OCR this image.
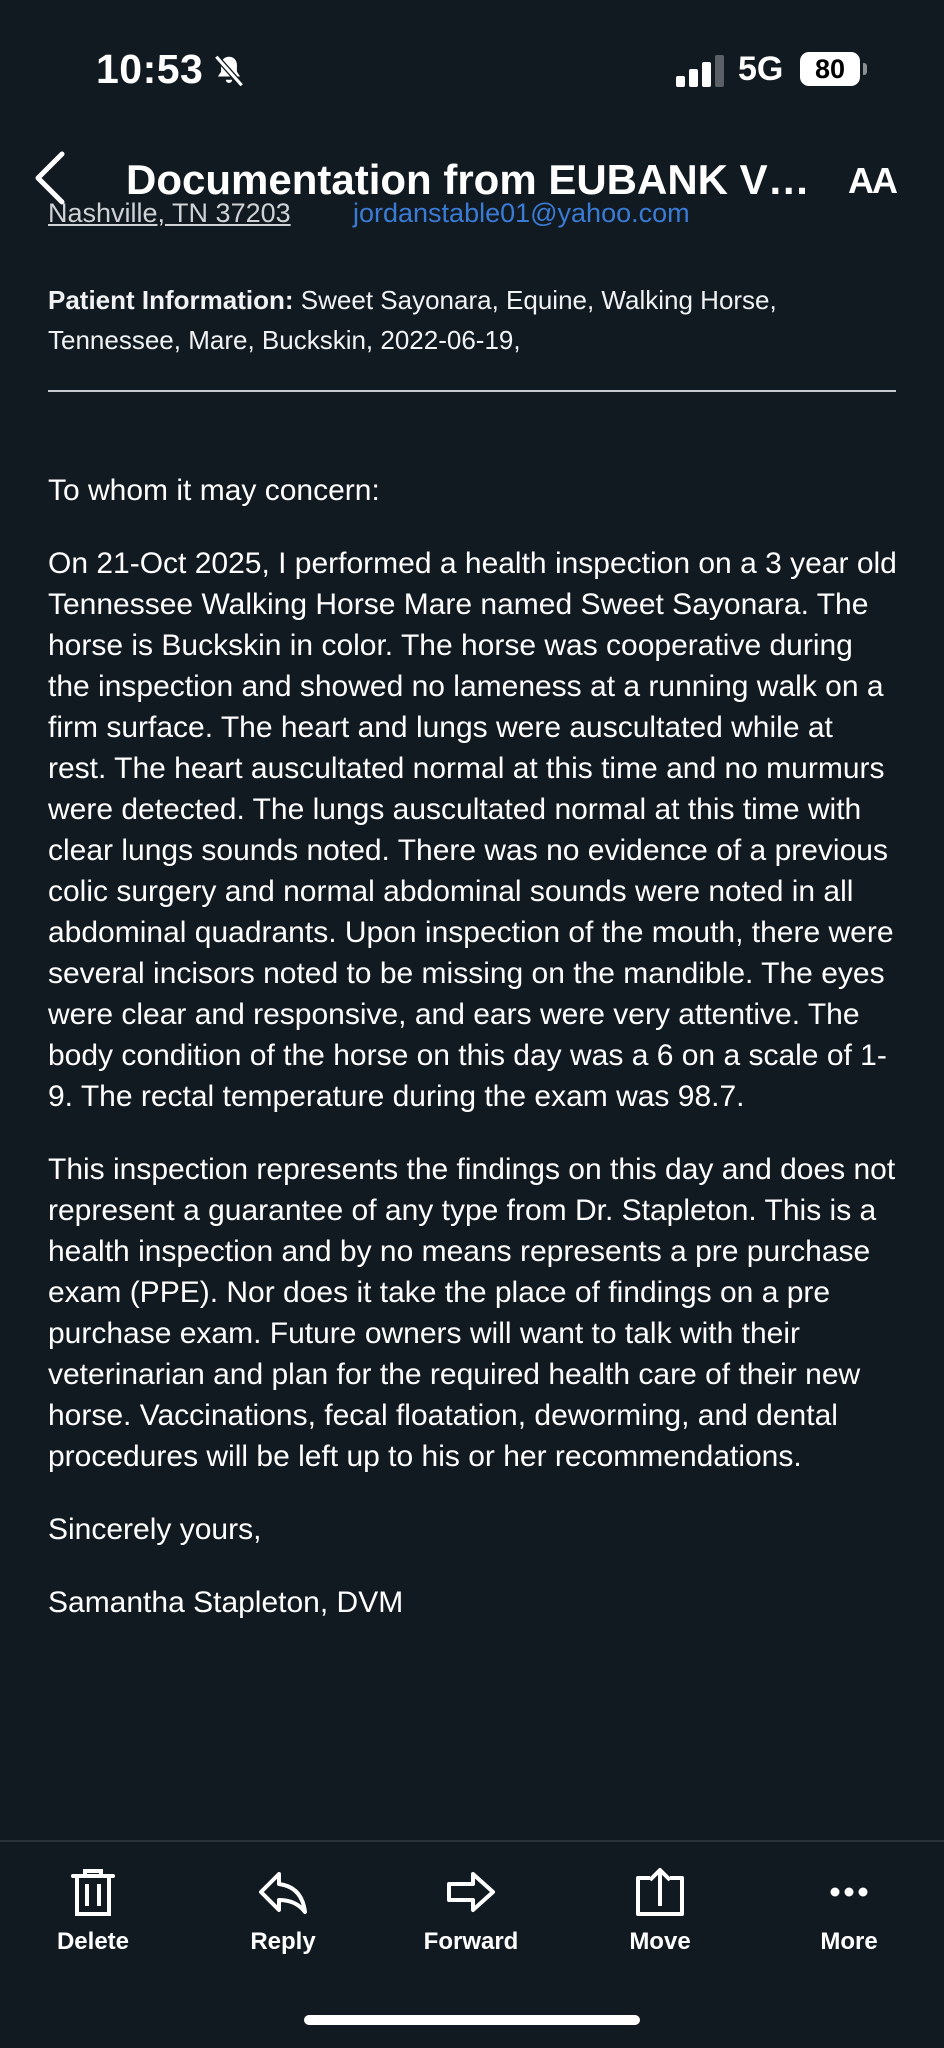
10:53	5G	80
Documentation from EUBANK V… AA
Nashville, TN 37203 jordanstable01@yahoo.com
Patient Information: Sweet Sayonara, Equine, Walking Horse, Tennessee, Mare, Buckskin, 2022-06-19,

To whom it may concern:

On 21-Oct 2025, I performed a health inspection on a 3 year old Tennessee Walking Horse Mare named Sweet Sayonara. The horse is Buckskin in color. The horse was cooperative during the inspection and showed no lameness at a running walk on a firm surface. The heart and lungs were auscultated while at rest. The heart auscultated normal at this time and no murmurs were detected. The lungs auscultated normal at this time with clear lungs sounds noted. There was no evidence of a previous colic surgery and normal abdominal sounds were noted in all abdominal quadrants. Upon inspection of the mouth, there were several incisors noted to be missing on the mandible. The eyes were clear and responsive, and ears were very attentive. The body condition of the horse on this day was a 6 on a scale of 1-9. The rectal temperature during the exam was 98.7.

This inspection represents the findings on this day and does not represent a guarantee of any type from Dr. Stapleton. This is a health inspection and by no means represents a pre purchase exam (PPE). Nor does it take the place of findings on a pre purchase exam. Future owners will want to talk with their veterinarian and plan for the required health care of their new horse. Vaccinations, fecal floatation, deworming, and dental procedures will be left up to his or her recommendations.

Sincerely yours,

Samantha Stapleton, DVM

Delete	Reply	Forward	Move	More
